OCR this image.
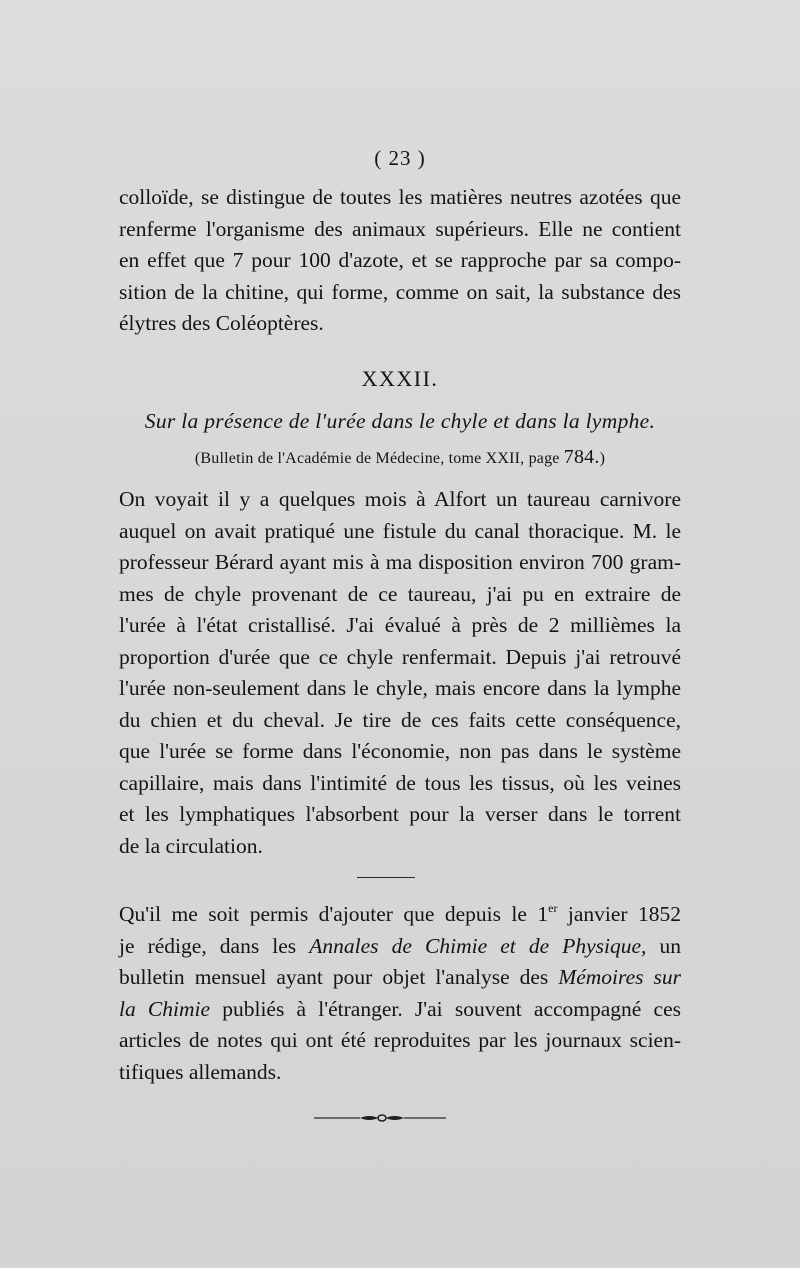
( 23 )
colloïde, se distingue de toutes les matières neutres azotées que
renferme l'organisme des animaux supérieurs. Elle ne contient
en effet que 7 pour 100 d'azote, et se rapproche par sa compo-
sition de la chitine, qui forme, comme on sait, la substance des
élytres des Coléoptères.
XXXII.
Sur la présence de l'urée dans le chyle et dans la lymphe.
(Bulletin de l'Académie de Médecine, tome XXII, page 784.)
On voyait il y a quelques mois à Alfort un taureau carnivore
auquel on avait pratiqué une fistule du canal thoracique. M. le
professeur Bérard ayant mis à ma disposition environ 700 gram-
mes de chyle provenant de ce taureau, j'ai pu en extraire de
l'urée à l'état cristallisé. J'ai évalué à près de 2 millièmes la
proportion d'urée que ce chyle renfermait. Depuis j'ai retrouvé
l'urée non-seulement dans le chyle, mais encore dans la lymphe
du chien et du cheval. Je tire de ces faits cette conséquence,
que l'urée se forme dans l'économie, non pas dans le système
capillaire, mais dans l'intimité de tous les tissus, où les veines
et les lymphatiques l'absorbent pour la verser dans le torrent
de la circulation.
Qu'il me soit permis d'ajouter que depuis le 1er janvier 1852
je rédige, dans les Annales de Chimie et de Physique, un
bulletin mensuel ayant pour objet l'analyse des Mémoires sur
la Chimie publiés à l'étranger. J'ai souvent accompagné ces
articles de notes qui ont été reproduites par les journaux scien-
tifiques allemands.
